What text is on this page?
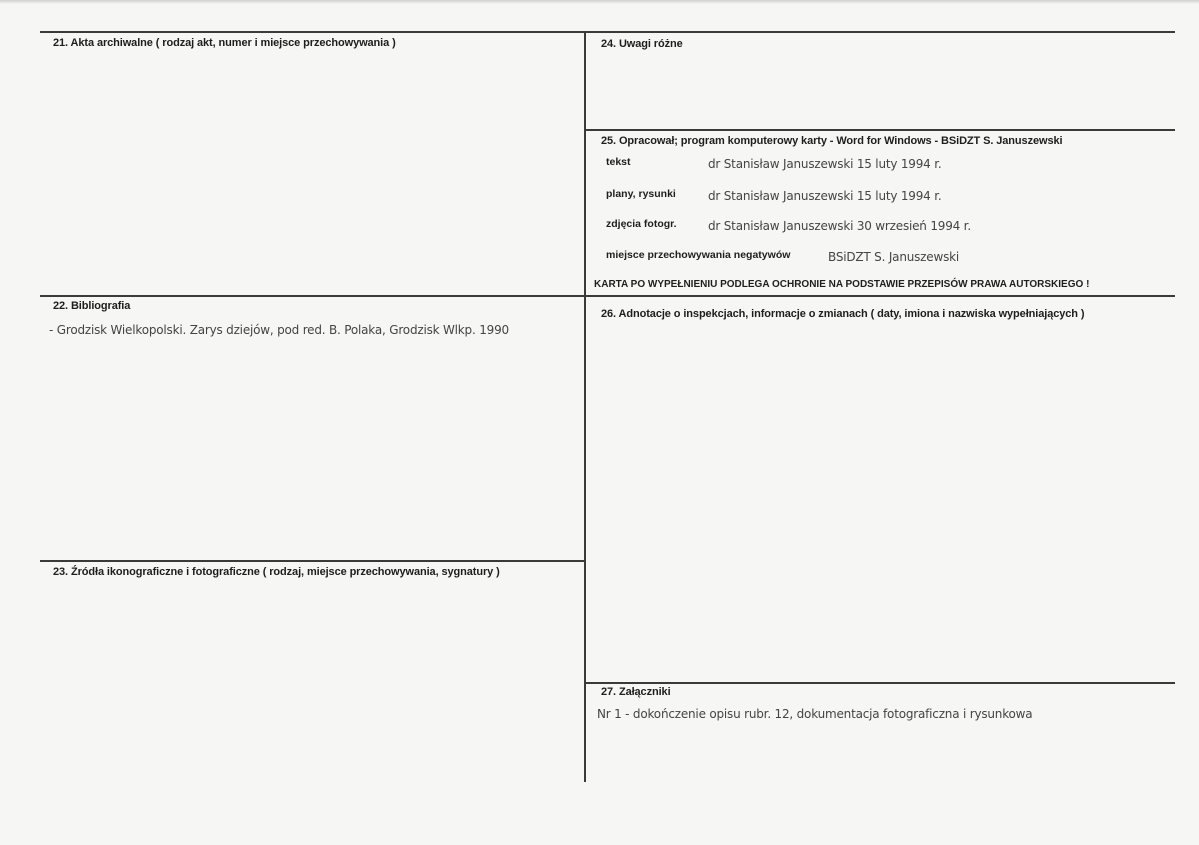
21. Akta archiwalne ( rodzaj akt, numer i miejsce przechowywania )	24. Uwagi różne
25. Opracował; program komputerowy karty - Word for Windows - BSiDZT S. Januszewski
tekst	dr Stanisław Januszewski 15 luty 1994 r.
plany, rysunki	dr Stanisław Januszewski 15 luty 1994 r.
zdjęcia fotogr.	dr Stanisław Januszewski 30 wrzesień 1994 r.
miejsce przechowywania negatywów	BSiDZT S. Januszewski
KARTA PO WYPEŁNIENIU PODLEGA OCHRONIE NA PODSTAWIE PRZEPISÓW PRAWA AUTORSKIEGO !
22. Bibliografia
- Grodzisk Wielkopolski. Zarys dziejów, pod red. B. Polaka, Grodzisk Wlkp. 1990
26. Adnotacje o inspekcjach, informacje o zmianach ( daty, imiona i nazwiska wypełniających )
23. Źródła ikonograficzne i fotograficzne ( rodzaj, miejsce przechowywania, sygnatury )
27. Załączniki
Nr 1 - dokończenie opisu rubr. 12, dokumentacja fotograficzna i rysunkowa
